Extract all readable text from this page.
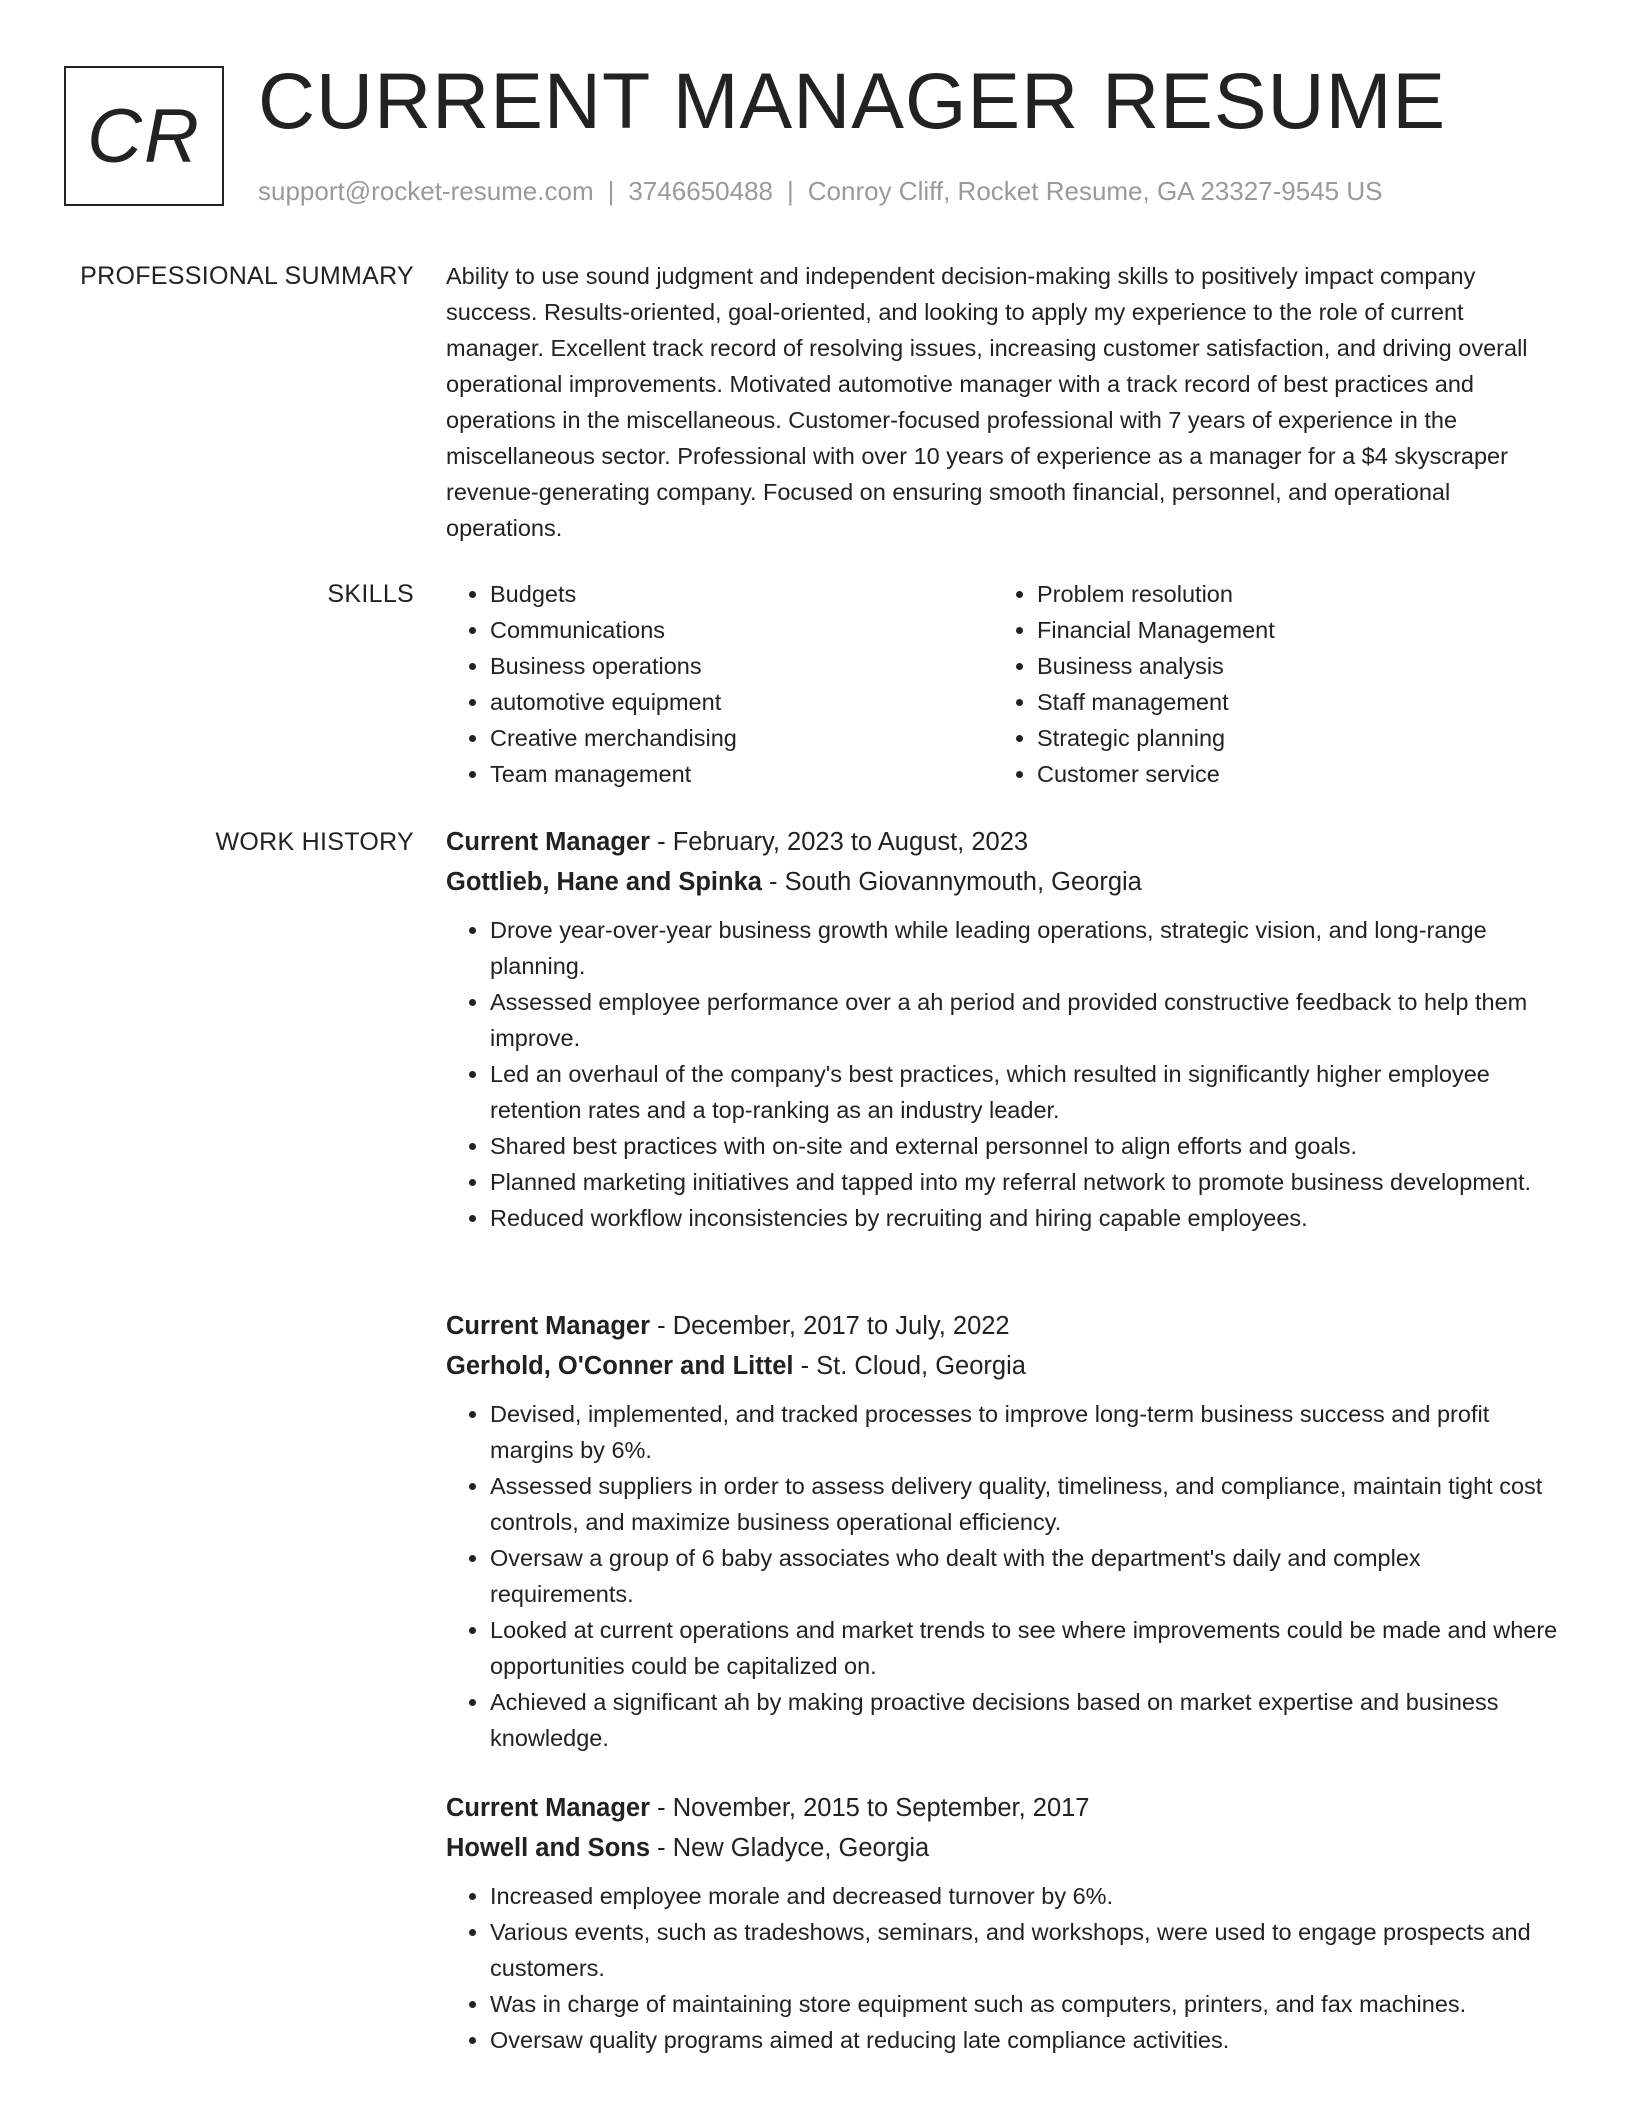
CR CURRENT MANAGER RESUME
support@rocket-resume.com | 3746650488 | Conroy Cliff, Rocket Resume, GA 23327-9545 US
PROFESSIONAL SUMMARY Ability to use sound judgment and independent decision-making skills to positively impact company success. Results-oriented, goal-oriented, and looking to apply my experience to the role of current manager. Excellent track record of resolving issues, increasing customer satisfaction, and driving overall operational improvements. Motivated automotive manager with a track record of best practices and operations in the miscellaneous. Customer-focused professional with 7 years of experience in the miscellaneous sector. Professional with over 10 years of experience as a manager for a $4 skyscraper revenue-generating company. Focused on ensuring smooth financial, personnel, and operational operations.

SKILLS
•	Budgets
• Communications
• Business operations
• automotive equipment
• Creative merchandising
• Team management
• Problem resolution
• Financial Management
• Business analysis
• Staff management
• Strategic planning
• Customer service
WORK HISTORY Current Manager - February, 2023 to August, 2023
Gottlieb, Hane and Spinka - South Giovannymouth, Georgia
• Drove year-over-year business growth while leading operations, strategic vision, and long-range planning.
• Assessed employee performance over a ah period and provided constructive feedback to help them improve.
• Led an overhaul of the company's best practices, which resulted in significantly higher employee retention rates and a top-ranking as an industry leader.
• Shared best practices with on-site and external personnel to align efforts and goals.
• Planned marketing initiatives and tapped into my referral network to promote business development.
• Reduced workflow inconsistencies by recruiting and hiring capable employees.
Current Manager - December, 2017 to July, 2022
Gerhold, O'Conner and Littel - St. Cloud, Georgia
• Devised, implemented, and tracked processes to improve long-term business success and profit margins by 6%.
• Assessed suppliers in order to assess delivery quality, timeliness, and compliance, maintain tight cost controls, and maximize business operational efficiency.
• Oversaw a group of 6 baby associates who dealt with the department's daily and complex requirements.
• Looked at current operations and market trends to see where improvements could be made and where opportunities could be capitalized on.
• Achieved a significant ah by making proactive decisions based on market expertise and business knowledge.
Current Manager - November, 2015 to September, 2017
Howell and Sons - New Gladyce, Georgia
• Increased employee morale and decreased turnover by 6%.
• Various events, such as tradeshows, seminars, and workshops, were used to engage prospects and customers.
• Was in charge of maintaining store equipment such as computers, printers, and fax machines.
• Oversaw quality programs aimed at reducing late compliance activities.
